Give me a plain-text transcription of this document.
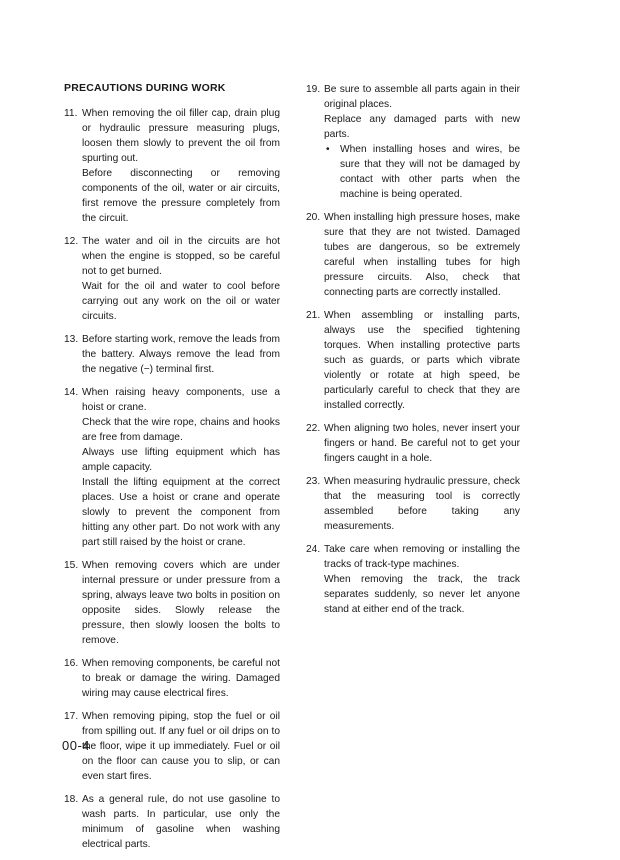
PRECAUTIONS DURING WORK
11. When removing the oil filler cap, drain plug or hydraulic pressure measuring plugs, loosen them slowly to prevent the oil from spurting out.

Before disconnecting or removing components of the oil, water or air circuits, first remove the pressure completely from the circuit.

12. The water and oil in the circuits are hot when the engine is stopped, so be careful not to get burned.

Wait for the oil and water to cool before carrying out any work on the oil or water circuits.

13. Before starting work, remove the leads from the battery. Always remove the lead from the negative (−) terminal first.

14. When raising heavy components, use a hoist or crane.

Check that the wire rope, chains and hooks are free from damage.

Always use lifting equipment which has ample capacity.

Install the lifting equipment at the correct places. Use a hoist or crane and operate slowly to prevent the component from hitting any other part. Do not work with any part still raised by the hoist or crane.

15. When removing covers which are under internal pressure or under pressure from a spring, always leave two bolts in position on opposite sides. Slowly release the pressure, then slowly loosen the bolts to remove.

16. When removing components, be careful not to break or damage the wiring. Damaged wiring may cause electrical fires.

17. When removing piping, stop the fuel or oil from spilling out. If any fuel or oil drips on to the floor, wipe it up immediately. Fuel or oil on the floor can cause you to slip, or can even start fires.

18. As a general rule, do not use gasoline to wash parts. In particular, use only the minimum of gasoline when washing electrical parts.

19. Be sure to assemble all parts again in their original places.

Replace any damaged parts with new parts.

•	When installing hoses and wires, be sure that they will not be damaged by contact with other parts when the machine is being operated.
20. When installing high pressure hoses, make sure that they are not twisted. Damaged tubes are dangerous, so be extremely careful when installing tubes for high pressure circuits. Also, check that connecting parts are correctly installed.

21. When assembling or installing parts, always use the specified tightening torques. When installing protective parts such as guards, or parts which vibrate violently or rotate at high speed, be particularly careful to check that they are installed correctly.

22. When aligning two holes, never insert your fingers or hand. Be careful not to get your fingers caught in a hole.

23. When measuring hydraulic pressure, check that the measuring tool is correctly assembled before taking any measurements.

24. Take care when removing or installing the tracks of track-type machines.

When removing the track, the track separates suddenly, so never let anyone stand at either end of the track.

00-4
